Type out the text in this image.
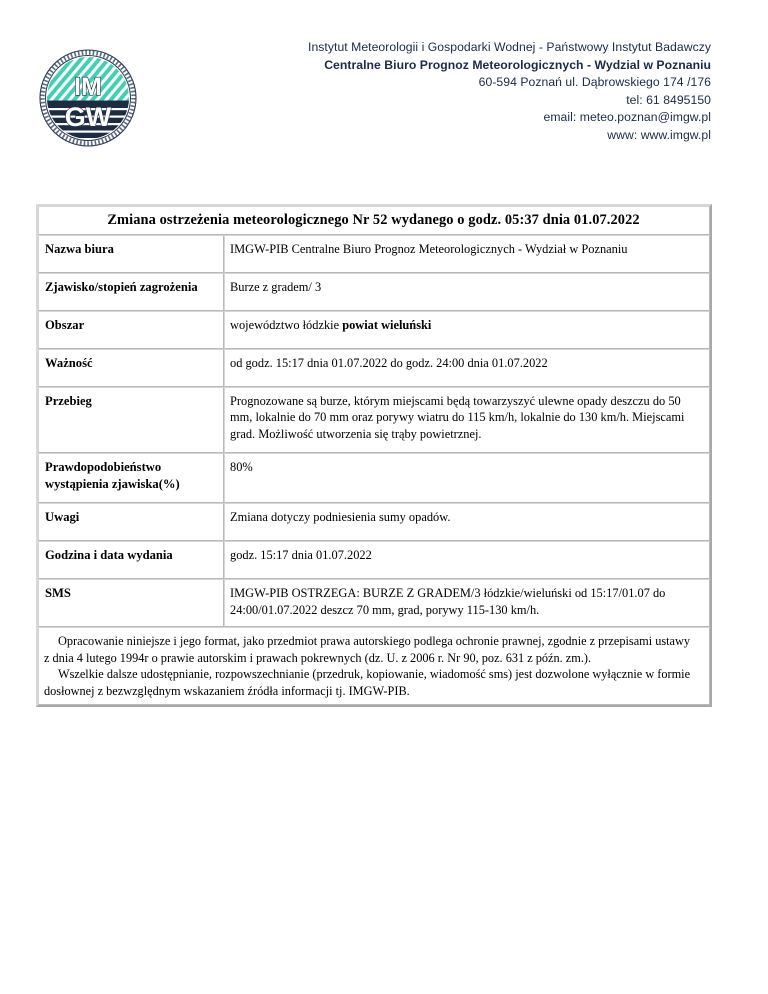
IM
GW
Instytut Meteorologii i Gospodarki Wodnej - Państwowy Instytut Badawczy
Centralne Biuro Prognoz Meteorologicznych - Wydzial w Poznaniu
60-594 Poznań ul. Dąbrowskiego 174 /176
tel: 61 8495150
email: meteo.poznan@imgw.pl
www: www.imgw.pl
Zmiana ostrzeżenia meteorologicznego Nr 52 wydanego o godz. 05:37 dnia 01.07.2022	
Nazwa biura	IMGW-PIB Centralne Biuro Prognoz Meteorologicznych - Wydział w Poznaniu
Zjawisko/stopień zagrożenia	Burze z gradem/ 3
Obszar	województwo łódzkie powiat wieluński
Ważność	od godz. 15:17 dnia 01.07.2022 do godz. 24:00 dnia 01.07.2022
Przebieg	Prognozowane są burze, którym miejscami będą towarzyszyć ulewne opady deszczu do 50 mm, lokalnie do 70 mm oraz porywy wiatru do 115 km/h, lokalnie do 130 km/h. Miejscami grad. Możliwość utworzenia się trąby powietrznej.

Prawdopodobieństwo
wystąpienia zjawiska(%)	80%
Uwagi	Zmiana dotyczy podniesienia sumy opadów.
Godzina i data wydania	godz. 15:17 dnia 01.07.2022
SMS	IMGW-PIB OSTRZEGA: BURZE Z GRADEM/3 łódzkie/wieluński od 15:17/01.07 do 24:00/01.07.2022 deszcz 70 mm, grad, porywy 115-130 km/h.

Opracowanie niniejsze i jego format, jako przedmiot prawa autorskiego podlega ochronie prawnej, zgodnie z przepisami ustawy

z dnia 4 lutego 1994r o prawie autorskim i prawach pokrewnych (dz. U. z 2006 r. Nr 90, poz. 631 z późn. zm.).

Wszelkie dalsze udostępnianie, rozpowszechnianie (przedruk, kopiowanie, wiadomość sms) jest dozwolone wyłącznie w formie

dosłownej z bezwzględnym wskazaniem źródła informacji tj. IMGW-PIB.	
